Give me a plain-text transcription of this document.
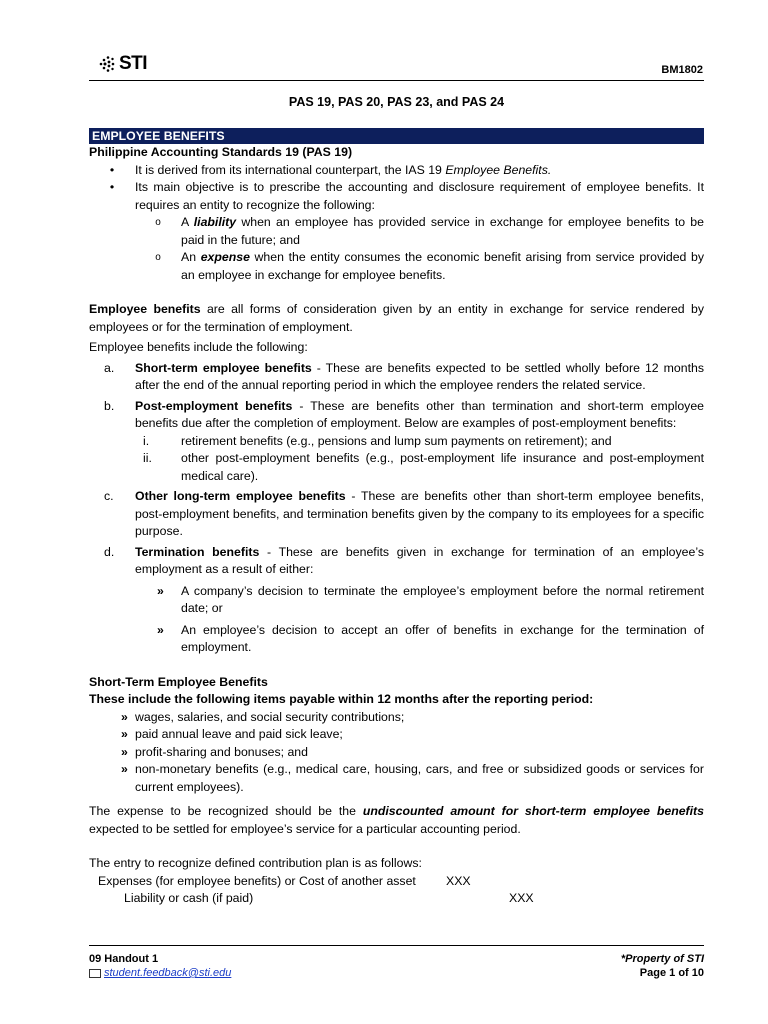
STI	BM1802
PAS 19, PAS 20, PAS 23, and PAS 24
EMPLOYEE BENEFITS

Philippine Accounting Standards 19 (PAS 19)

•	It is derived from its international counterpart, the IAS 19 Employee Benefits.
•	Its main objective is to prescribe the accounting and disclosure requirement of employee benefits. It requires an entity to recognize the following:
o	A liability when an employee has provided service in exchange for employee benefits to be paid in the future; and
o	An expense when the entity consumes the economic benefit arising from service provided by an employee in exchange for employee benefits.

Employee benefits are all forms of consideration given by an entity in exchange for service rendered by employees or for the termination of employment.

Employee benefits include the following:

a.	Short-term employee benefits - These are benefits expected to be settled wholly before 12 months after the end of the annual reporting period in which the employee renders the related service.
b.	Post-employment benefits - These are benefits other than termination and short-term employee benefits due after the completion of employment. Below are examples of post-employment benefits:
i.	retirement benefits (e.g., pensions and lump sum payments on retirement); and
ii.	other post-employment benefits (e.g., post-employment life insurance and post-employment medical care).
c.	Other long-term employee benefits - These are benefits other than short-term employee benefits, post-employment benefits, and termination benefits given by the company to its employees for a specific purpose.
d.	Termination benefits - These are benefits given in exchange for termination of an employee’s employment as a result of either:
»	A company’s decision to terminate the employee’s employment before the normal retirement date; or
»	An employee’s decision to accept an offer of benefits in exchange for the termination of employment.

Short-Term Employee Benefits

These include the following items payable within 12 months after the reporting period:

» wages, salaries, and social security contributions;
» paid annual leave and paid sick leave;
» profit-sharing and bonuses; and
» non-monetary benefits (e.g., medical care, housing, cars, and free or subsidized goods or services for current employees).

The expense to be recognized should be the undiscounted amount for short-term employee benefits expected to be settled for employee’s service for a particular accounting period.

The entry to recognize defined contribution plan is as follows:

Expenses (for employee benefits) or Cost of another asset XXX
Liability or cash (if paid)	XXX
09 Handout 1
student.feedback@sti.edu
*Property of STI
Page 1 of 10
